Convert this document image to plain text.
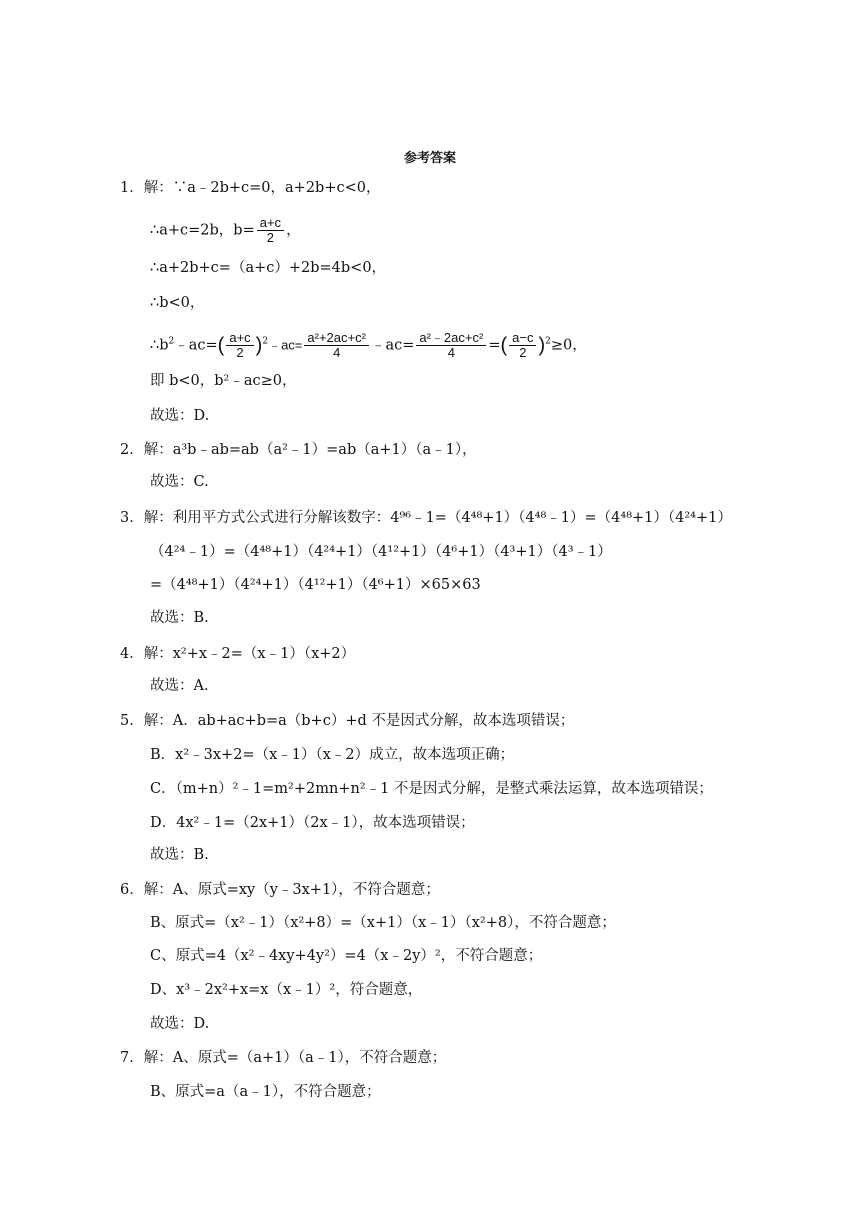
参考答案
1．解：∵a﹣2b+c=0，a+2b+c<0，
∴a+c=2b，$b= \frac{a+c}{2}$ ，
∴a+2b+c=（a+c）+2b=4b<0，
∴b<0，
$\therefore b^2﹣ac=( \frac{a+c}{2}$ )$^2$﹣ac= $\frac{\text{a²+2ac+c²}}{4}$ ﹣ac= $\frac{\text{a²﹣2ac+c²}}{4}$ =( $\frac{a-c}{2} )^2\ge 0$，
即 b<0，b²﹣ac≥0，
故选：D.
2．解：a³b﹣ab=ab（a²﹣1）=ab（a+1）（a﹣1），
故选：C.
3．解：利用平方式公式进行分解该数字：4⁹⁶﹣1=（4⁴⁸+1）（4⁴⁸﹣1）=（4⁴⁸+1）（4²⁴+1）
（4²⁴﹣1）=（4⁴⁸+1）（4²⁴+1）（4¹²+1）（4⁶+1）（4³+1）（4³﹣1）
=（4⁴⁸+1）（4²⁴+1）（4¹²+1）（4⁶+1）×65×63
故选：B.
4．解：x²+x﹣2=（x﹣1）（x+2）
故选：A.
5．解：A．ab+ac+b=a（b+c）+d 不是因式分解，故本选项错误；
B．x²﹣3x+2=（x﹣1）（x﹣2）成立，故本选项正确；
C．（m+n）²﹣1=m²+2mn+n²﹣1 不是因式分解，是整式乘法运算，故本选项错误；
D．4x²﹣1=（2x+1）（2x﹣1），故本选项错误；
故选：B.
6．解：A、原式=xy（y﹣3x+1），不符合题意；
B、原式=（x²﹣1）（x²+8）=（x+1）（x﹣1）（x²+8），不符合题意；
C、原式=4（x²﹣4xy+4y²）=4（x﹣2y）²，不符合题意；
D、x³﹣2x²+x=x（x﹣1）²，符合题意，
故选：D.
7．解：A、原式=（a+1）（a﹣1），不符合题意；
B、原式=a（a﹣1），不符合题意；
